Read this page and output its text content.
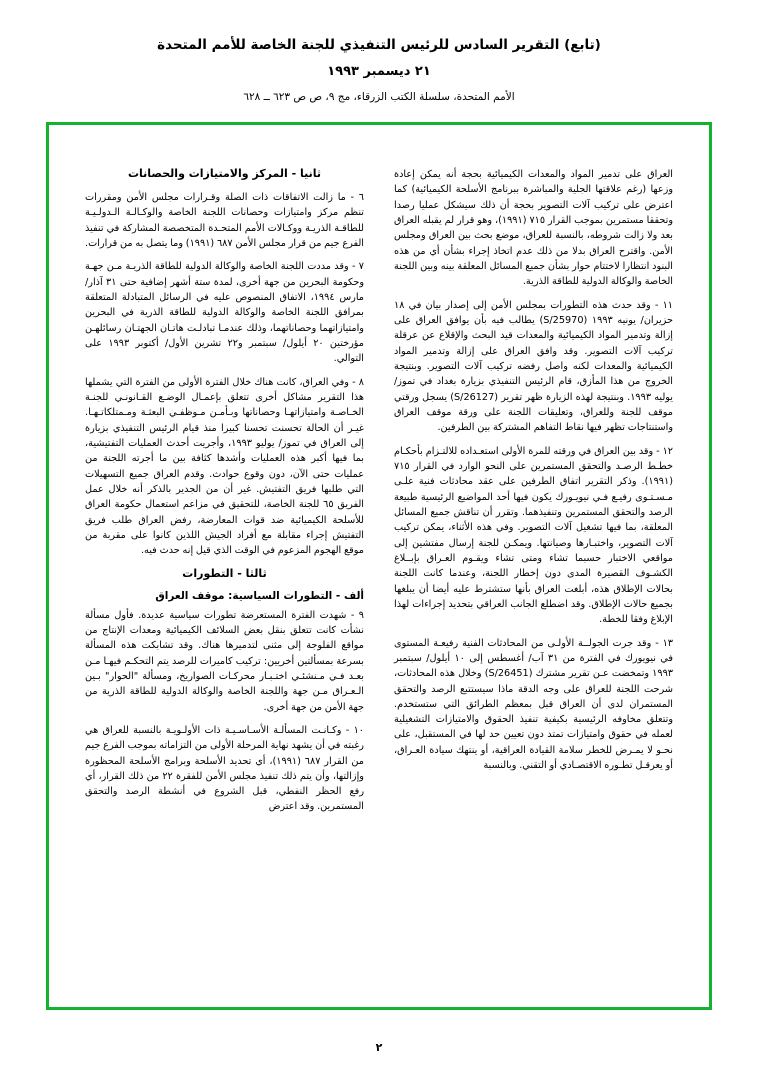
(تابع) التقرير السادس للرئيس التنفيذي للجنة الخاصة للأمم المتحدة
٢١ ديسمبر ١٩٩٣
الأمم المتحدة، سلسلة الكتب الزرقاء، مج ٩، ص ص ٦٢٣ ــ ٦٢٨

العراق على تدمير المواد والمعدات الكيميائية بحجة أنه يمكن إعادة وزعها (رغم علاقتها الجلية والمباشرة ببرنامج الأسلحة الكيميائية) كما اعترض على تركيب آلات التصوير بحجة أن ذلك سيشكل عمليا رصدا وتحققا مستمرين بموجب القرار ٧١٥ (١٩٩١)، وهو قرار لم يقبله العراق بعد ولا زالت شروطه، بالنسبة للعراق، موضع بحث بين العراق ومجلس الأمن. واقترح العراق بدلا من ذلك عدم اتخاذ إجراء بشأن أي من هذه البنود انتظارا لاختتام حوار بشأن جميع المسائل المعلقة بينه وبين اللجنة الخاصة والوكالة الدولية للطاقة الذرية.

١١ - وقد حدث هذه التطورات بمجلس الأمن إلى إصدار بيان في ١٨ حزيران/ يونيه ١٩٩٣ (S/25970) يطالب فيه بأن يوافق العراق على إزالة وتدمير المواد الكيميائية والمعدات قيد البحث والإقلاع عن عرقلة تركيب آلات التصوير. وقد وافق العراق على إزالة وتدمير المواد الكيميائية والمعدات لكنه واصل رفضه تركيب آلات التصوير. وبنتيجة الخروج من هذا المأزق، قام الرئيس التنفيذي بزيارة بغداد في تموز/ يوليه ١٩٩٣. وبنتيجة لهذه الزيارة ظهر تقرير (S/26127) يسجل ورقتي موقف للجنة وللعراق، وتعليقات اللجنة على ورقة موقف العراق واستنتاجات تظهر فيها نقاط التفاهم المشتركة بين الطرفين.

١٢ - وقد بين العراق في ورقته للمرة الأولى استعـداده للالتـزام بأحكـام خطـط الرصـد والتحقق المستمرين على النحو الوارد في القرار ٧١٥ (١٩٩١). وذكر التقرير اتفاق الطرفين على عقد محادثات فنية علـى مـسـتـوى رفيـع فـي نيويـورك يكون فيها أحد المواضيع الرئيسية طبيعة الرصد والتحقق المستمرين وتنفيذهما. وتقرر أن تناقش جميع المسائل المعلقة، بما فيها تشغيل آلات التصوير. وفي هذه الأثناء، يمكن تركيب آلات التصوير، واختبـارها وصيانتها. ويمكـن للجنة إرسال مفتشين إلى مواقعي الاختبار حسبما تشاء ومتى تشاء ويقـوم العـراق بإبــلاغ الكشـوف القصيرة المدى دون إخطار اللجنة، وعندما كانت اللجنة بحالات الإطلاق هذه، أبلغت العراق بأنها ستشترط عليه أيضا أن يبلغها بجميع حالات الإطلاق. وقد اضطلع الجانب العراقي بتحديد إجراءات لهذا الإبلاغ وفقا للخطة.

١٣ - وقد جرت الجولــة الأولـى من المحادثات الفنية رفيعـة المستوى في نيويورك في الفترة من ٣١ آب/ أغسطس إلى ١٠ أيلول/ سبتمبر ١٩٩٣ وتمخضت عـن تقرير مشترك (S/26451) وخلال هذه المحادثات، شرحت اللجنة للعراق على وجه الدقة ماذا سيستتبع الرصد والتحقق المستمران لدى أن العراق قبل بمعظم الطرائق التي ستستخدم. وتتعلق مخاوفه الرئيسية بكيفية تنفيذ الحقوق والامتيازات التشغيلية لعمله في حقوق وامتيازات تمتد دون تعيين حد لها في المستقبل، على نحـو لا يمـرض للخطر سلامة القيادة العراقية، أو ينتهك سيادة العـراق، أو يعرقـل تطـوره الاقتصـادي أو التقني. وبالنسبة

ثانيا - المركز والامتيازات والحصانات

٦ - ما زالت الاتفاقات ذات الصلة وقـرارات مجلس الأمن ومقررات تنظم مركز وامتيازات وحصانات اللجنة الخاصة والوكـالـة الـدولـيـة للطاقـة الذريـة ووكـالات الأمم المتحـدة المتخصصة المشاركة في تنفيذ الفرع جيم من قرار مجلس الأمن ٦٨٧ (١٩٩١) وما يتصل به من قرارات.

٧ - وقد مددت اللجنة الخاصة والوكالة الدولية للطاقة الذريـة مـن جهـة وحكومة البحرين من جهة أخرى، لمدة ستة أشهر إضافية حتى ٣١ آذار/ مارس ١٩٩٤، الاتفاق المنصوص عليه في الرسائل المتبادلة المتعلقة بمرافق اللجنة الخاصة والوكالة الدولية للطاقة الذرية في البحرين وامتيازاتهما وحصاناتهما، وذلك عندمـا تبادلـت هاتـان الجهتـان رسائلهـن مؤرختين ٢٠ أيلول/ سبتمبر و٢٢ تشرين الأول/ أكتوبر ١٩٩٣ على التوالي.

٨ - وفي العراق، كانت هناك خلال الفترة الأولى من الفترة التي يشملها هذا التقرير مشاكل أخرى تتعلق بإعمـال الوضـع القـانونـي للجنـة الخـاصـة وامتيازاتهـا وحصاناتها وبـأمـن مـوظفـي البعثـة ومـمتلكاتـهـا. غيـر أن الحالة تحسنت تحسنا كبيرا منذ قيام الرئيس التنفيذي بزيارة إلى العراق في تموز/ يوليو ١٩٩٣، وأجريت أحدث العمليات التفتيشية، بما فيها أكبر هذه العمليات وأشدها كثافة بين ما أجرته اللجنة من عمليات حتى الآن، دون وقوع حوادث. وقدم العراق جميع التسهيلات التي طلبها فريق التفتيش. غير أن من الجدير بالذكر أنه خلال عمل الفريق ٦٥ للجنة الخاصة، للتحقيق في مزاعم استعمال حكومة العراق للأسلحة الكيميائية ضد قوات المعارضة، رفض العراق طلب فريق التفتيش إجراء مقابلة مع أفراد الجيش اللذين كانوا على مقربة من موقع الهجوم المزعوم في الوقت الذي قيل إنه حدث فيه.

ثالثا - التطورات
ألف - التطورات السياسية: موقف العراق

٩ - شهدت الفترة المستعرضة تطورات سياسية عديدة. فأول مسألة نشأت كانت تتعلق بنقل بعض السلائف الكيميائية ومعدات الإنتاج من مواقع الفلوجة إلى مثنى لتدميرها هناك. وقد تشابكت هذه المسألة بسرعة بمسألتين أخريين: تركيب كاميرات للرصد يتم التحكـم فيهـا مـن بعـد فـي مـنشئـي اختـبـار محركـات الصواريخ، ومسألة "الحوار" بـين الـعـراق مـن جهة واللجنة الخاصة والوكالة الدولية للطاقة الذرية من جهة الأمن من جهة أخرى.

١٠ - وكـانـت المسألـة الأسـاسـيـة ذات الأولـويـة بالنسبة للعراق هي رغبته في أن يشهد نهاية المرحلة الأولى من التزاماته بموجب الفرع جيم من القرار ٦٨٧ (١٩٩١)، أي تحديد الأسلحة وبرامج الأسلحة المحظورة وإزالتها، وأن يتم ذلك تنفيذ مجلس الأمن للفقرة ٢٢ من ذلك القرار، أي رفع الحظر النفطي، قبل الشروع في أنشطة الرصد والتحقق المستمرين. وقد اعترض

٢
